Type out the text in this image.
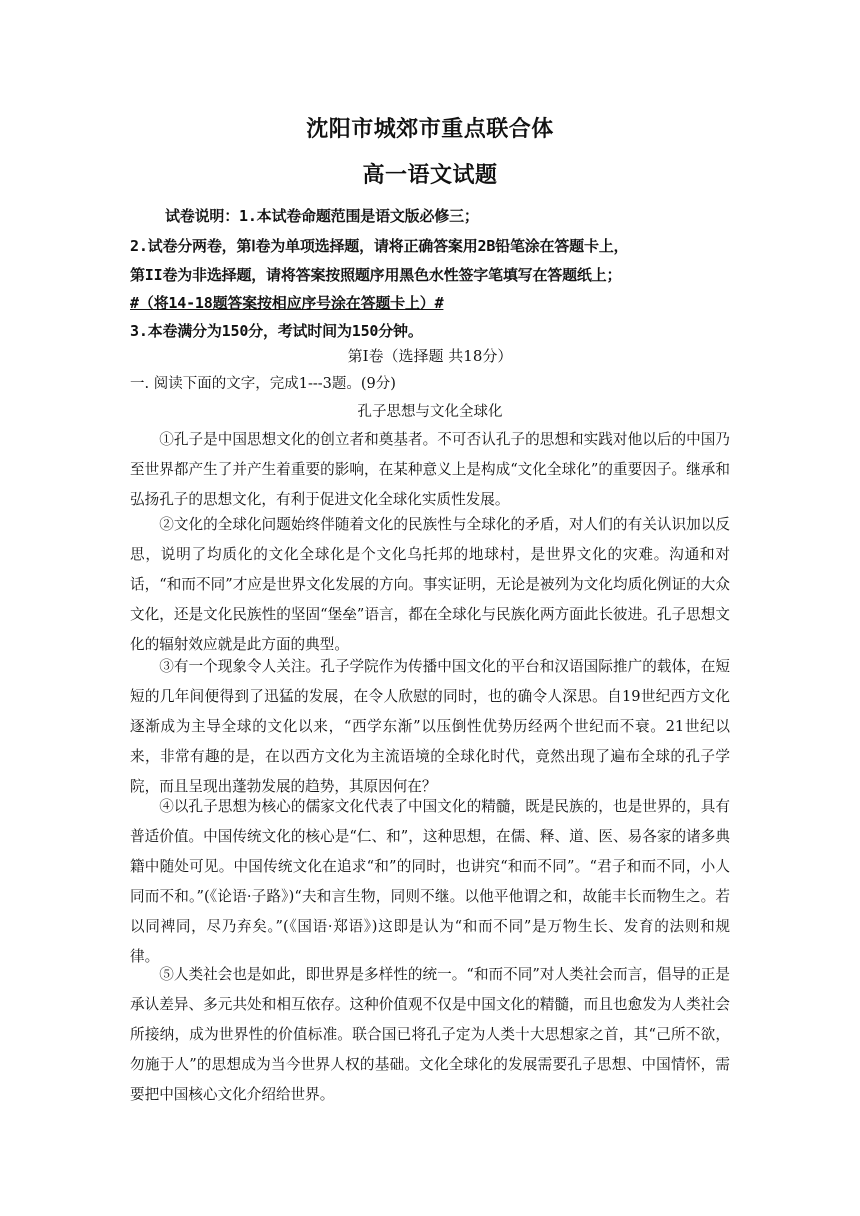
沈阳市城郊市重点联合体
高一语文试题
试卷说明：1.本试卷命题范围是语文版必修三；
2.试卷分两卷，第Ⅰ卷为单项选择题，请将正确答案用2B铅笔涂在答题卡上，
第II卷为非选择题，请将答案按照题序用黑色水性签字笔填写在答题纸上；
#（将14-18题答案按相应序号涂在答题卡上）#
3.本卷满分为150分，考试时间为150分钟。
第Ⅰ卷（选择题 共18分）
一. 阅读下面的文字，完成1---3题。(9分)
孔子思想与文化全球化

①孔子是中国思想文化的创立者和奠基者。不可否认孔子的思想和实践对他以后的中国乃至世界都产生了并产生着重要的影响，在某种意义上是构成“文化全球化”的重要因子。继承和弘扬孔子的思想文化，有利于促进文化全球化实质性发展。

②文化的全球化问题始终伴随着文化的民族性与全球化的矛盾，对人们的有关认识加以反思，说明了均质化的文化全球化是个文化乌托邦的地球村，是世界文化的灾难。沟通和对话，“和而不同”才应是世界文化发展的方向。事实证明，无论是被列为文化均质化例证的大众文化，还是文化民族性的坚固“堡垒”语言，都在全球化与民族化两方面此长彼进。孔子思想文化的辐射效应就是此方面的典型。

③有一个现象令人关注。孔子学院作为传播中国文化的平台和汉语国际推广的载体，在短短的几年间便得到了迅猛的发展，在令人欣慰的同时，也的确令人深思。自19世纪西方文化逐渐成为主导全球的文化以来，“西学东渐”以压倒性优势历经两个世纪而不衰。21世纪以来，非常有趣的是，在以西方文化为主流语境的全球化时代，竟然出现了遍布全球的孔子学院，而且呈现出蓬勃发展的趋势，其原因何在？

④以孔子思想为核心的儒家文化代表了中国文化的精髓，既是民族的，也是世界的，具有普适价值。中国传统文化的核心是“仁、和”，这种思想，在儒、释、道、医、易各家的诸多典籍中随处可见。中国传统文化在追求“和”的同时，也讲究“和而不同”。“君子和而不同，小人同而不和。”(《论语·子路》)“夫和言生物，同则不继。以他平他谓之和，故能丰长而物生之。若以同裨同，尽乃弃矣。”(《国语·郑语》)这即是认为“和而不同”是万物生长、发育的法则和规律。

⑤人类社会也是如此，即世界是多样性的统一。“和而不同”对人类社会而言，倡导的正是承认差异、多元共处和相互依存。这种价值观不仅是中国文化的精髓，而且也愈发为人类社会所接纳，成为世界性的价值标准。联合国已将孔子定为人类十大思想家之首，其“己所不欲，勿施于人”的思想成为当今世界人权的基础。文化全球化的发展需要孔子思想、中国情怀，需要把中国核心文化介绍给世界。
